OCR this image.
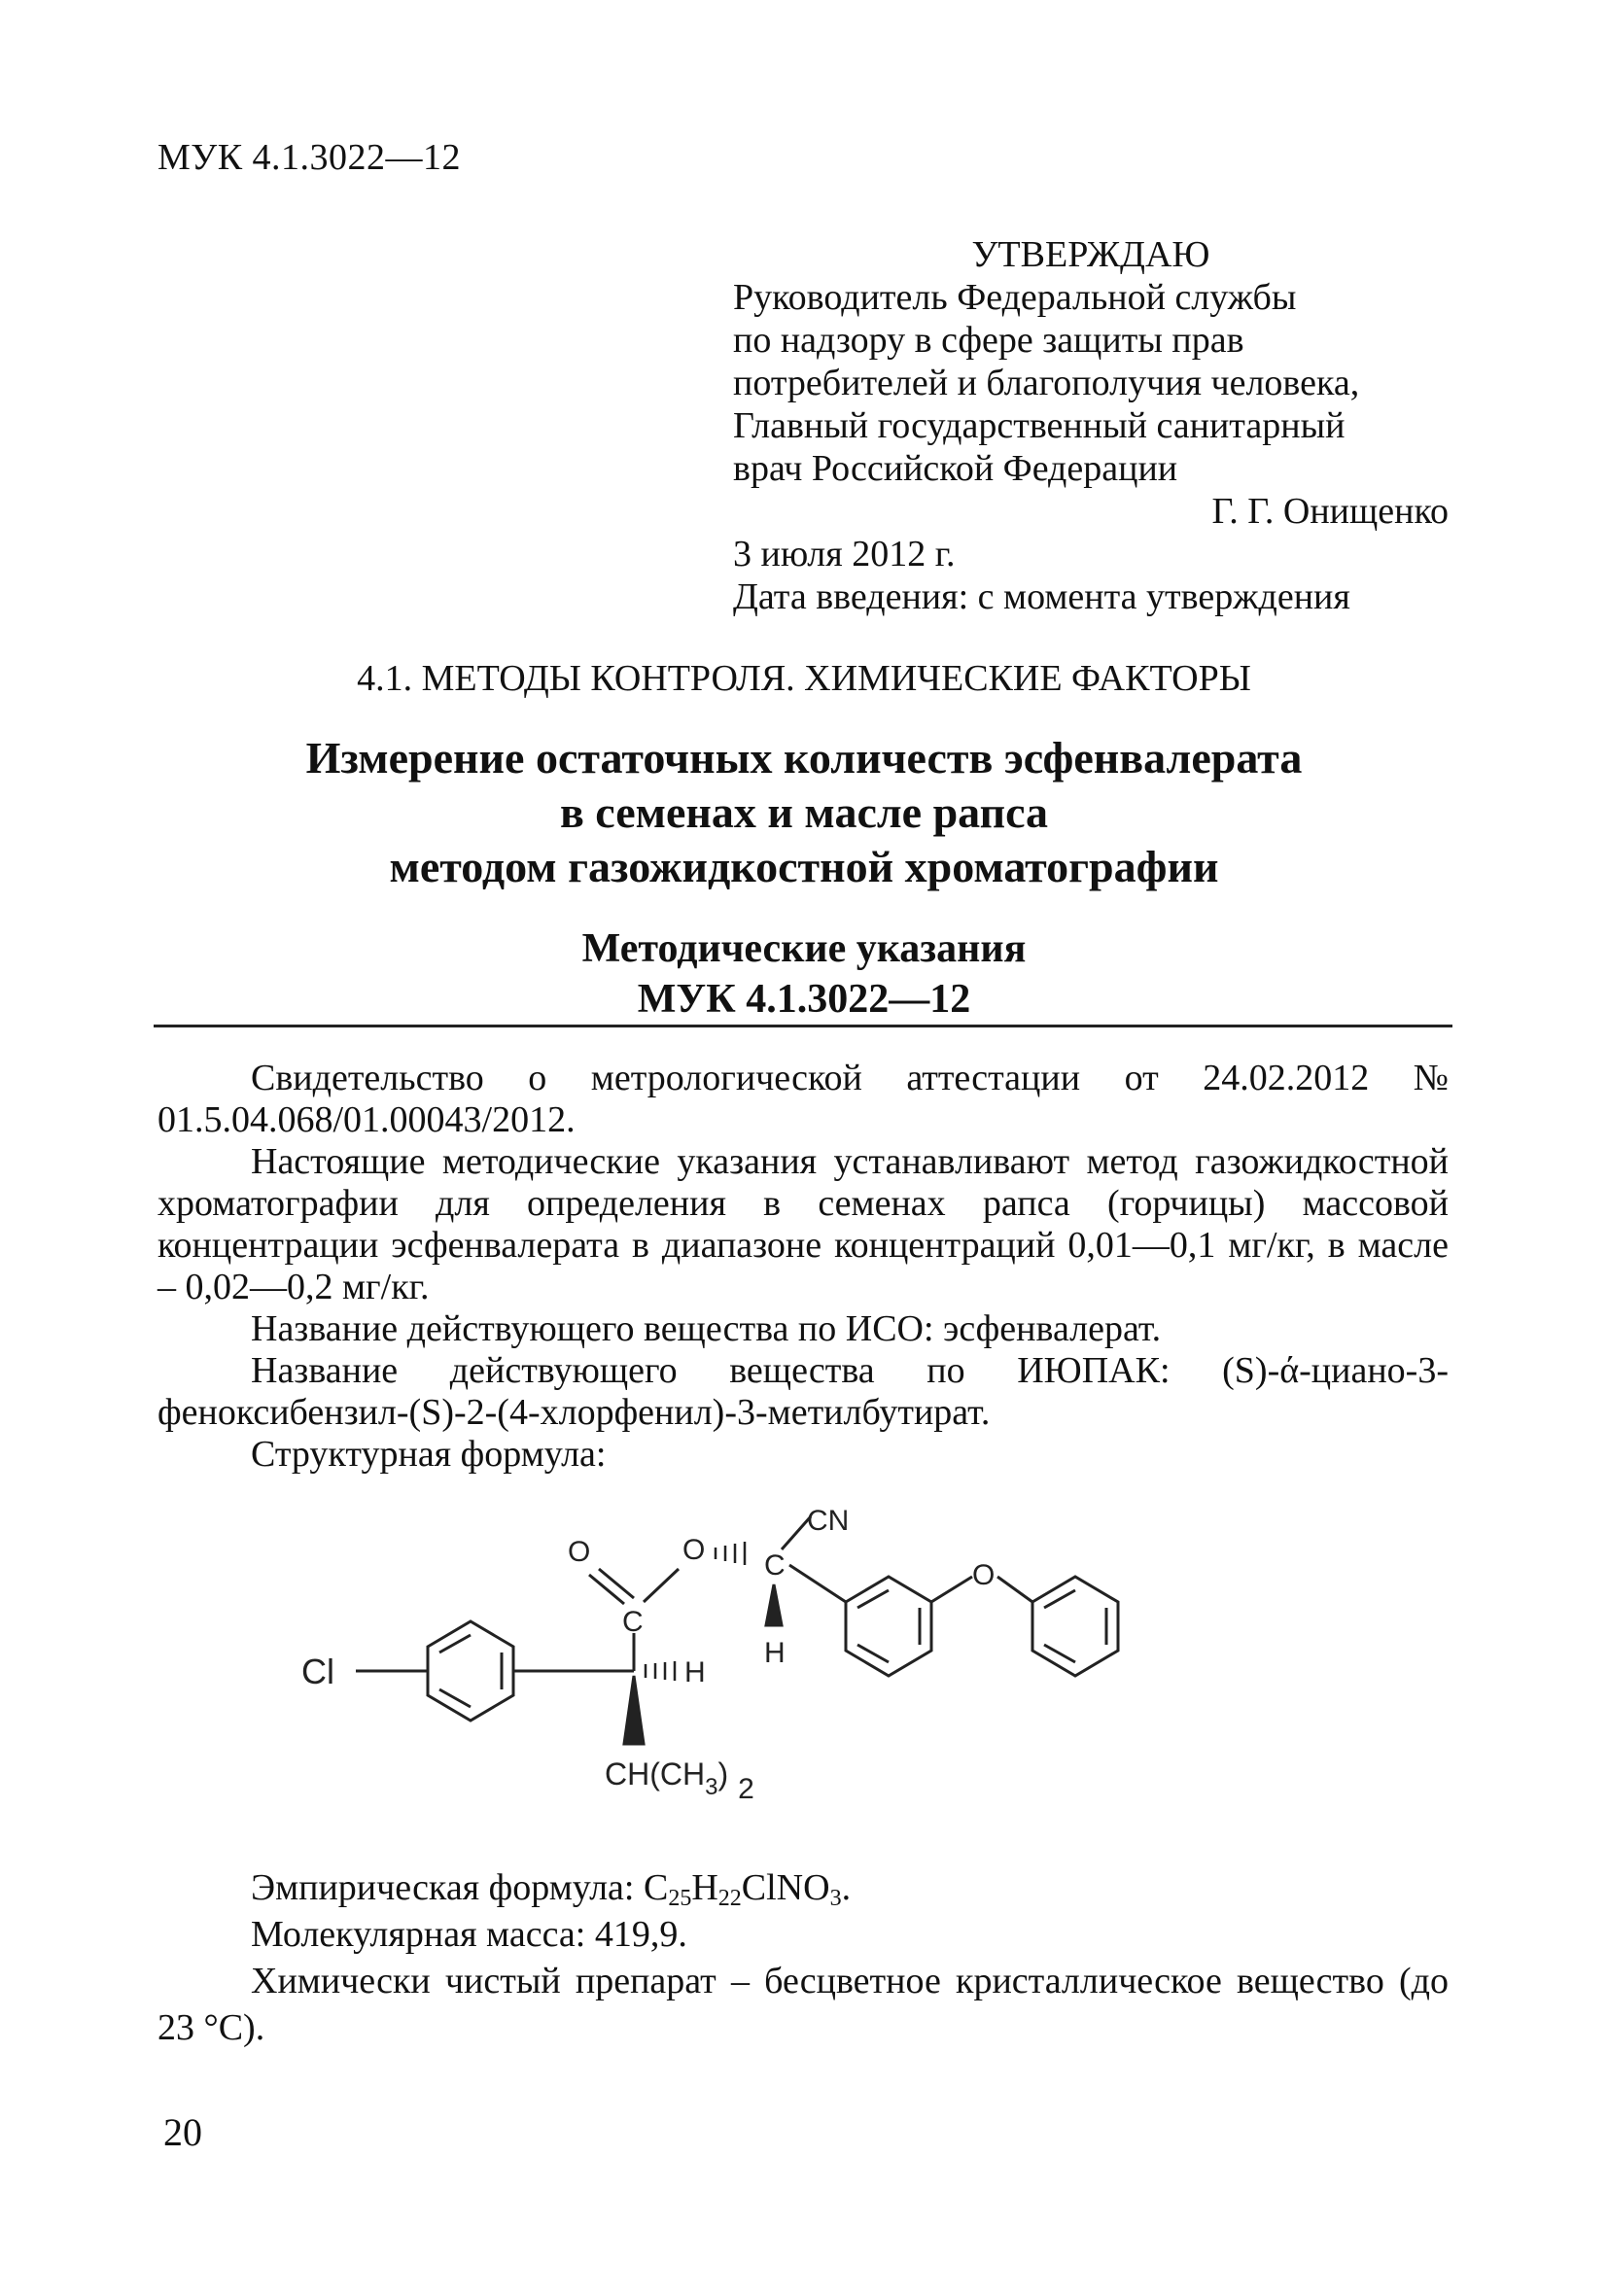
МУК 4.1.3022—12
УТВЕРЖДАЮ
Руководитель Федеральной службы
по надзору в сфере защиты прав
потребителей и благополучия человека,
Главный государственный санитарный
врач Российской Федерации
Г. Г. Онищенко
3 июля 2012 г.
Дата введения: с момента утверждения
4.1. МЕТОДЫ КОНТРОЛЯ. ХИМИЧЕСКИЕ ФАКТОРЫ
Измерение остаточных количеств эсфенвалерата
в семенах и масле рапса
методом газожидкостной хроматографии
Методические указания
МУК 4.1.3022—12

Свидетельство о метрологической аттестации от 24.02.2012 № 01.5.04.068/01.00043/2012.

Настоящие методические указания устанавливают метод газожидкостной хроматографии для определения в семенах рапса (горчицы) массовой концентрации эсфенвалерата в диапазоне концентраций 0,01—0,1 мг/кг, в масле – 0,02—0,2 мг/кг.

Название действующего вещества по ИСО: эсфенвалерат.

Название действующего вещества по ИЮПАК: (S)-ά-циано-3-феноксибензил-(S)-2-(4-хлорфенил)-3-метилбутират.

Структурная формула:

Cl
C
O	O C
CN
H
H
$CH(CH_3)$ 2
O

Эмпирическая формула: $C_{25}H_{22}ClNO_3$.

Молекулярная масса: 419,9.

Химически чистый препарат – бесцветное кристаллическое вещество (до 23 °С).

20
